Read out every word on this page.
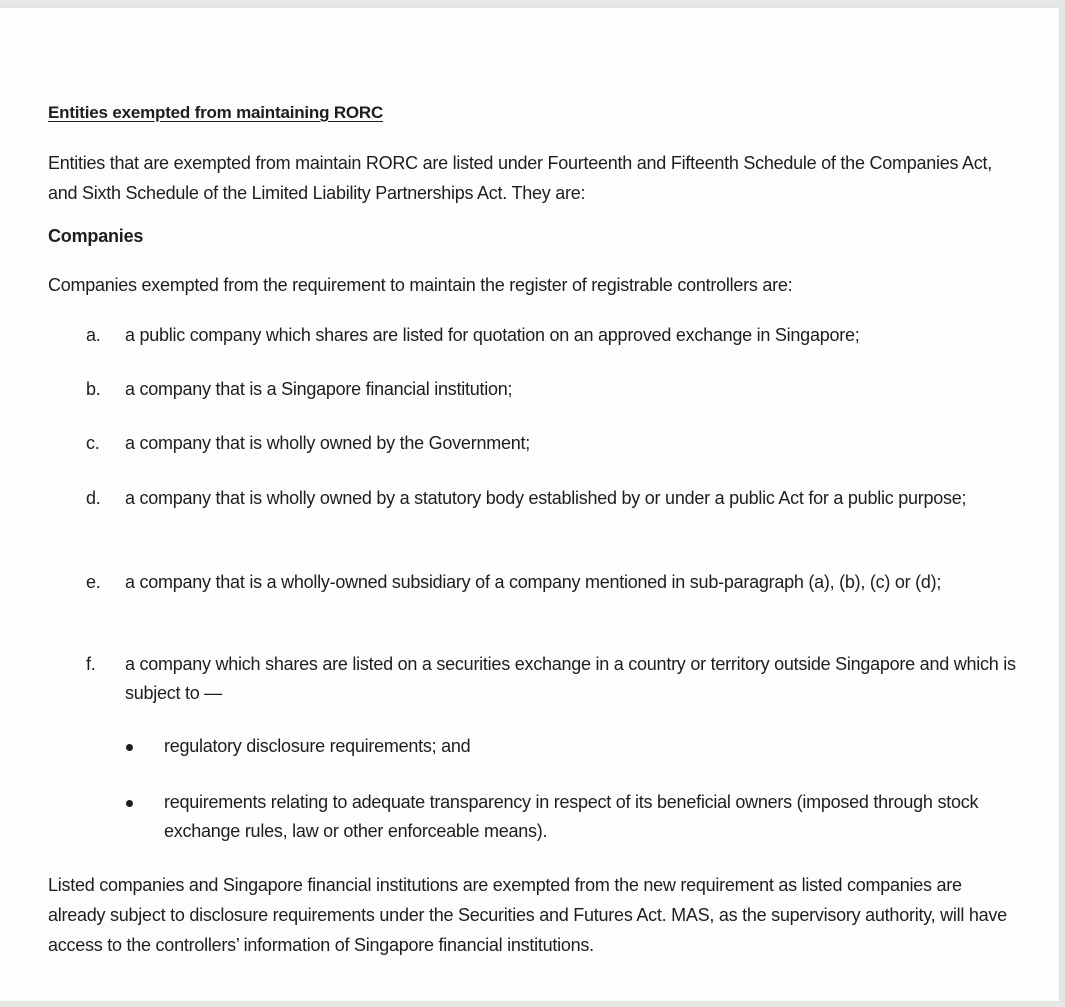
Entities exempted from maintaining RORC
Entities that are exempted from maintain RORC are listed under Fourteenth and Fifteenth Schedule of the Companies Act, and Sixth Schedule of the Limited Liability Partnerships Act. They are:
Companies
Companies exempted from the requirement to maintain the register of registrable controllers are:
a.	a public company which shares are listed for quotation on an approved exchange in Singapore;
b.	a company that is a Singapore financial institution;
c.	a company that is wholly owned by the Government;
d.	a company that is wholly owned by a statutory body established by or under a public Act for a public purpose;
e.	a company that is a wholly-owned subsidiary of a company mentioned in sub-paragraph (a), (b), (c) or (d);
f.	a company which shares are listed on a securities exchange in a country or territory outside Singapore and which is subject to —
regulatory disclosure requirements; and
requirements relating to adequate transparency in respect of its beneficial owners (imposed through stock exchange rules, law or other enforceable means).
Listed companies and Singapore financial institutions are exempted from the new requirement as listed companies are already subject to disclosure requirements under the Securities and Futures Act. MAS, as the supervisory authority, will have access to the controllers’ information of Singapore financial institutions.
